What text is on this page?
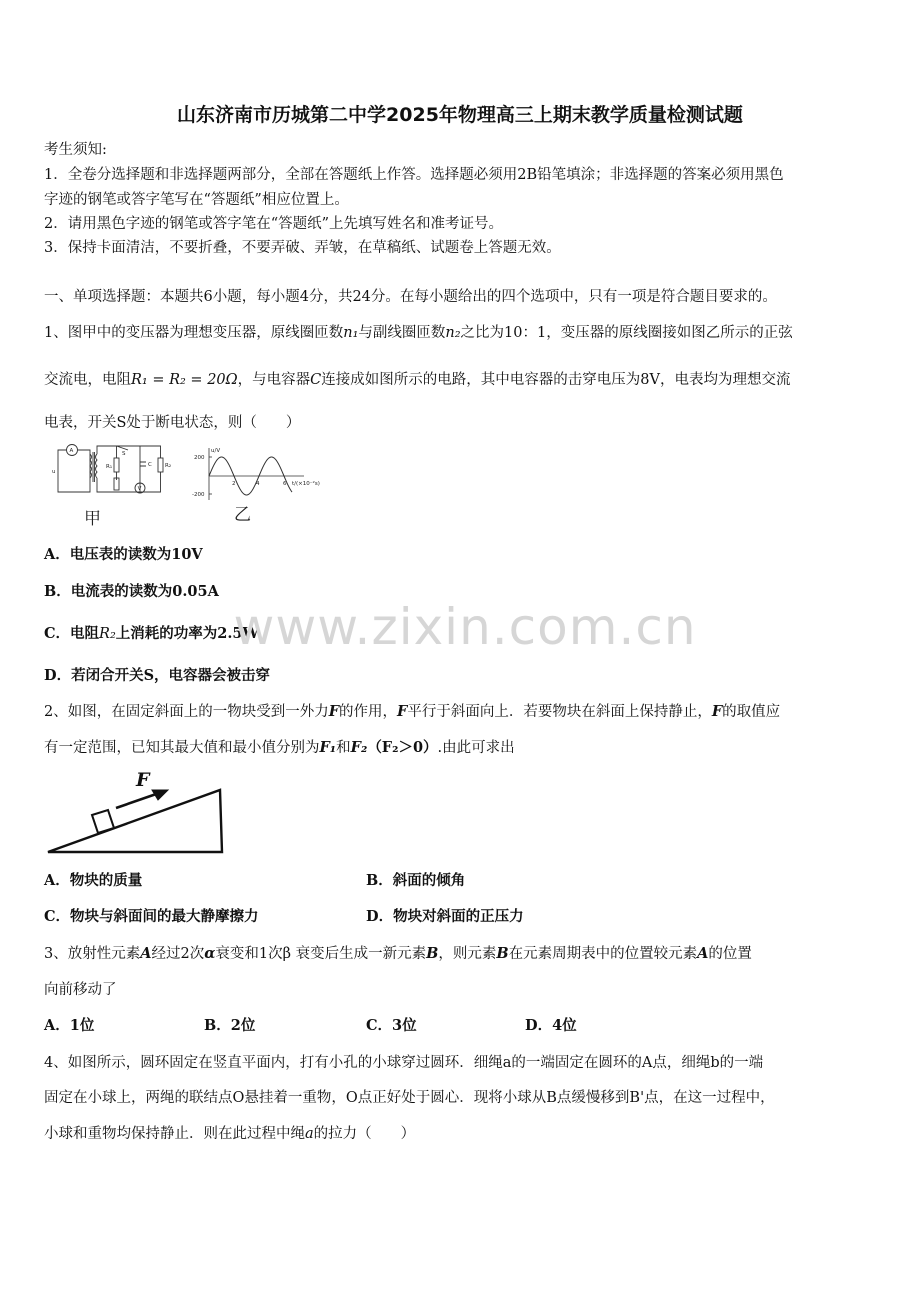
山东济南市历城第二中学2025年物理高三上期末教学质量检测试题
考生须知:
1．全卷分选择题和非选择题两部分，全部在答题纸上作答。选择题必须用2B铅笔填涂；非选择题的答案必须用黑色
字迹的钢笔或答字笔写在“答题纸”相应位置上。
2．请用黑色字迹的钢笔或答字笔在“答题纸”上先填写姓名和准考证号。
3．保持卡面清洁，不要折叠，不要弄破、弄皱，在草稿纸、试题卷上答题无效。
一、单项选择题：本题共6小题，每小题4分，共24分。在每小题给出的四个选项中，只有一项是符合题目要求的。
1、图甲中的变压器为理想变压器，原线圈匝数n₁与副线圈匝数n₂之比为10：1，变压器的原线圈接如图乙所示的正弦
交流电，电阻R₁ = R₂ = 20Ω，与电容器C连接成如图所示的电路，其中电容器的击穿电压为8V，电表均为理想交流
电表，开关S处于断电状态，则（　　）
A
u
R₁
S
C R₂
V
甲
200
-200
u/V
2	4	6 t/(×10⁻²s)
乙
A．电压表的读数为10V
B．电流表的读数为0.05A
C．电阻R₂上消耗的功率为2.5W
D．若闭合开关S，电容器会被击穿
www.zixin.com.cn
2、如图，在固定斜面上的一物块受到一外力F的作用，F平行于斜面向上．若要物块在斜面上保持静止，F的取值应
有一定范围，已知其最大值和最小值分别为F₁和F₂（F₂＞0）.由此可求出
F
A．物块的质量	B．斜面的倾角
C．物块与斜面间的最大静摩擦力	D．物块对斜面的正压力
3、放射性元素A经过2次α衰变和1次β 衰变后生成一新元素B，则元素B在元素周期表中的位置较元素A的位置
向前移动了
A．1位	B．2位	C．3位	D．4位
4、如图所示，圆环固定在竖直平面内，打有小孔的小球穿过圆环．细绳a的一端固定在圆环的A点，细绳b的一端
固定在小球上，两绳的联结点O悬挂着一重物，O点正好处于圆心．现将小球从B点缓慢移到B'点，在这一过程中，
小球和重物均保持静止．则在此过程中绳a的拉力（　　）
